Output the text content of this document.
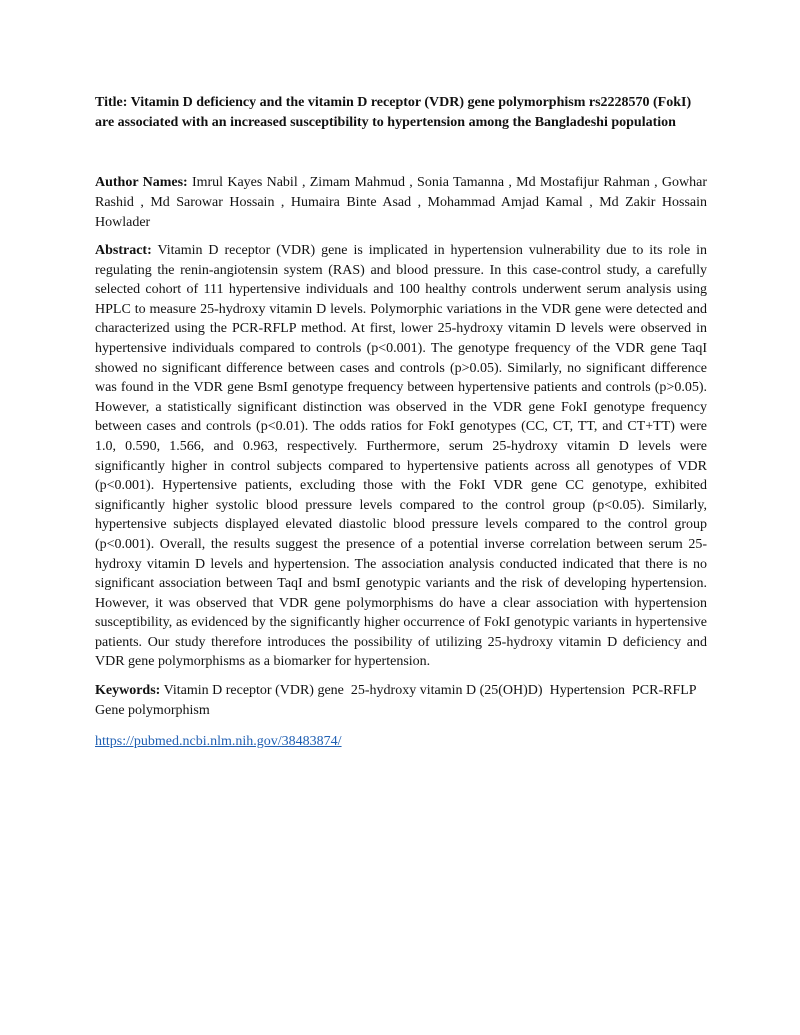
Title: Vitamin D deficiency and the vitamin D receptor (VDR) gene polymorphism rs2228570 (FokI) are associated with an increased susceptibility to hypertension among the Bangladeshi population

Author Names: Imrul Kayes Nabil , Zimam Mahmud , Sonia Tamanna , Md Mostafijur Rahman , Gowhar Rashid , Md Sarowar Hossain , Humaira Binte Asad , Mohammad Amjad Kamal , Md Zakir Hossain Howlader
Abstract: Vitamin D receptor (VDR) gene is implicated in hypertension vulnerability due to its role in regulating the renin-angiotensin system (RAS) and blood pressure. In this case-control study, a carefully selected cohort of 111 hypertensive individuals and 100 healthy controls underwent serum analysis using HPLC to measure 25-hydroxy vitamin D levels. Polymorphic variations in the VDR gene were detected and characterized using the PCR-RFLP method. At first, lower 25-hydroxy vitamin D levels were observed in hypertensive individuals compared to controls (p<0.001). The genotype frequency of the VDR gene TaqI showed no significant difference between cases and controls (p>0.05). Similarly, no significant difference was found in the VDR gene BsmI genotype frequency between hypertensive patients and controls (p>0.05). However, a statistically significant distinction was observed in the VDR gene FokI genotype frequency between cases and controls (p<0.01). The odds ratios for FokI genotypes (CC, CT, TT, and CT+TT) were 1.0, 0.590, 1.566, and 0.963, respectively. Furthermore, serum 25-hydroxy vitamin D levels were significantly higher in control subjects compared to hypertensive patients across all genotypes of VDR (p<0.001). Hypertensive patients, excluding those with the FokI VDR gene CC genotype, exhibited significantly higher systolic blood pressure levels compared to the control group (p<0.05). Similarly, hypertensive subjects displayed elevated diastolic blood pressure levels compared to the control group (p<0.001). Overall, the results suggest the presence of a potential inverse correlation between serum 25-hydroxy vitamin D levels and hypertension. The association analysis conducted indicated that there is no significant association between TaqI and bsmI genotypic variants and the risk of developing hypertension. However, it was observed that VDR gene polymorphisms do have a clear association with hypertension susceptibility, as evidenced by the significantly higher occurrence of FokI genotypic variants in hypertensive patients. Our study therefore introduces the possibility of utilizing 25-hydroxy vitamin D deficiency and VDR gene polymorphisms as a biomarker for hypertension.
Keywords: Vitamin D receptor (VDR) gene  25-hydroxy vitamin D (25(OH)D)  Hypertension  PCR-RFLP  Gene polymorphism
https://pubmed.ncbi.nlm.nih.gov/38483874/
